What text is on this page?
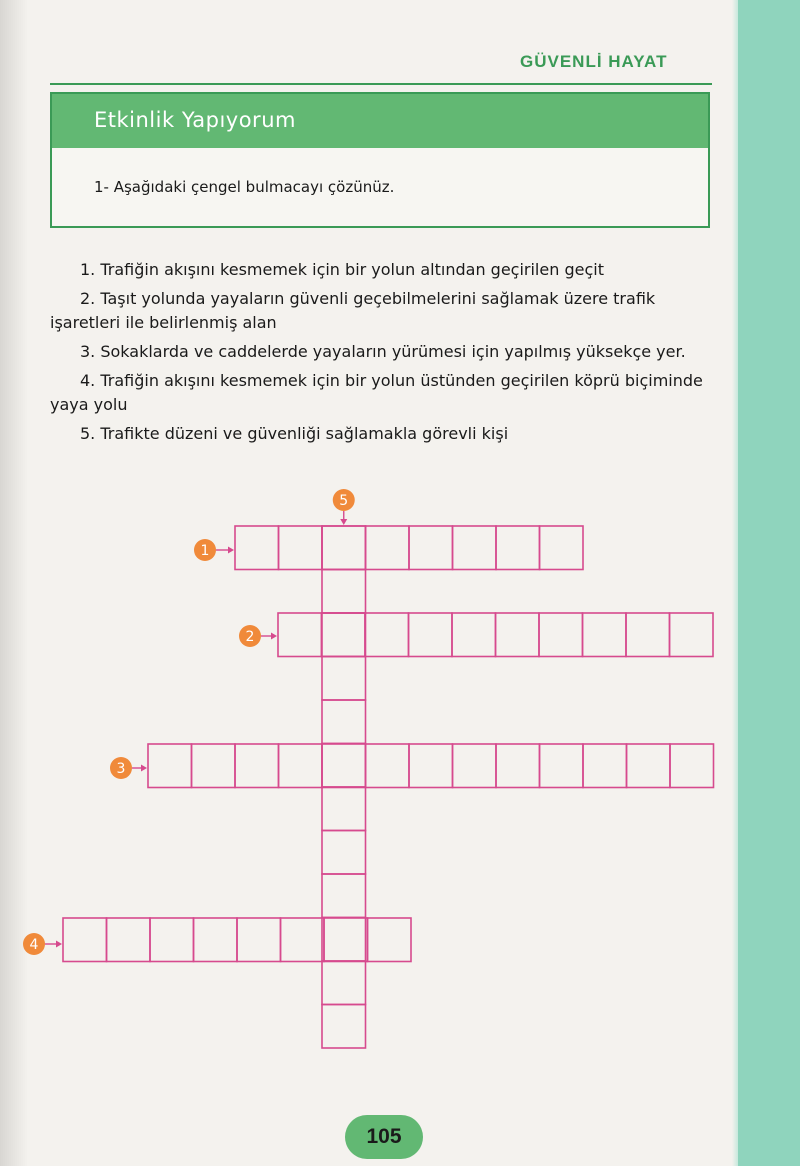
GÜVENLİ HAYAT
Etkinlik Yapıyorum
1- Aşağıdaki çengel bulmacayı çözünüz.

1. Trafiğin akışını kesmemek için bir yolun altından geçirilen geçit

2. Taşıt yolunda yayaların güvenli geçebilmelerini sağlamak üzere trafik işaretleri ile belirlenmiş alan

3. Sokaklarda ve caddelerde yayaların yürümesi için yapılmış yüksekçe yer.

4. Trafiğin akışını kesmemek için bir yolun üstünden geçirilen köprü biçiminde yaya yolu

5. Trafikte düzeni ve güvenliği sağlamakla görevli kişi

1
2
3
4
5
105
